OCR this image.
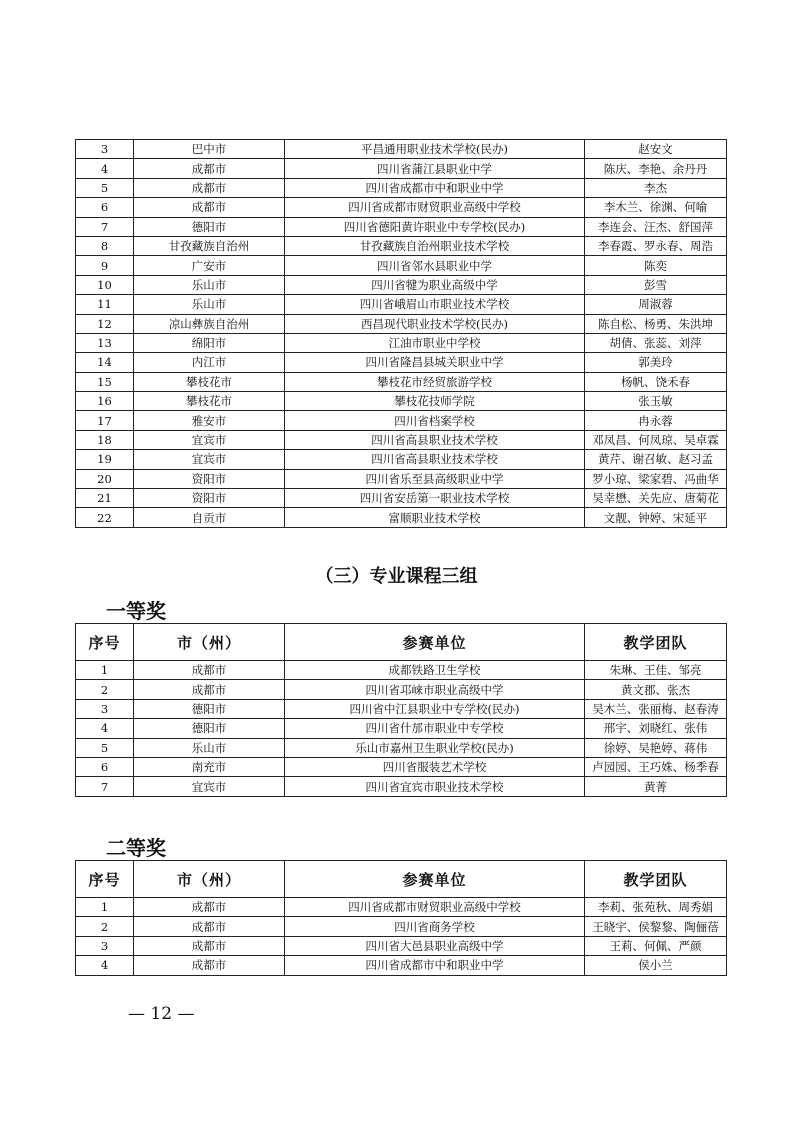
3	巴中市	平昌通用职业技术学校(民办)	赵安文
4	成都市	四川省蒲江县职业中学	陈庆、李艳、余丹丹
5	成都市	四川省成都市中和职业中学	李杰
6	成都市	四川省成都市财贸职业高级中学校	李木兰、徐渊、何喻
7	德阳市	四川省德阳黄许职业中专学校(民办)	李连会、汪杰、舒国萍
8	甘孜藏族自治州	甘孜藏族自治州职业技术学校	李春霞、罗永春、周浩
9	广安市	四川省邻水县职业中学	陈奕
10	乐山市	四川省犍为职业高级中学	彭雪
11	乐山市	四川省峨眉山市职业技术学校	周淑蓉
12	凉山彝族自治州	西昌现代职业技术学校(民办)	陈自松、杨勇、朱洪坤
13	绵阳市	江油市职业中学校	胡倩、张蕊、刘萍
14	内江市	四川省隆昌县城关职业中学	郭美玲
15	攀枝花市	攀枝花市经贸旅游学校	杨帆、饶禾春
16	攀枝花市	攀枝花技师学院	张玉敏
17	雅安市	四川省档案学校	冉永蓉
18	宜宾市	四川省高县职业技术学校	邓凤昌、何凤琼、吴卓霖
19	宜宾市	四川省高县职业技术学校	黄芹、谢召敏、赵习孟
20	资阳市	四川省乐至县高级职业中学	罗小琼、梁家碧、冯曲华
21	资阳市	四川省安岳第一职业技术学校	吴幸懋、关先应、唐菊花
22	自贡市	富顺职业技术学校	文靓、钟婷、宋延平
（三）专业课程三组
一等奖
序号	市（州）	参赛单位	教学团队
1	成都市	成都铁路卫生学校	朱琳、王佳、邹亮
2	成都市	四川省邛崃市职业高级中学	黄文郡、张杰
3	德阳市	四川省中江县职业中专学校(民办)	吴木兰、张丽梅、赵春涛
4	德阳市	四川省什邡市职业中专学校	邢宇、刘晓红、张伟
5	乐山市	乐山市嘉州卫生职业学校(民办)	徐婷、吴艳婷、蒋伟
6	南充市	四川省服装艺术学校	卢园园、王巧姝、杨季春
7	宜宾市	四川省宜宾市职业技术学校	黄菁
二等奖
序号	市（州）	参赛单位	教学团队
1	成都市	四川省成都市财贸职业高级中学校	李莉、张苑秋、周秀娟
2	成都市	四川省商务学校	王晓宇、侯黎黎、陶俪蓓
3	成都市	四川省大邑县职业高级中学	王莉、何佩、严颜
4	成都市	四川省成都市中和职业中学	侯小兰
— 12 —
